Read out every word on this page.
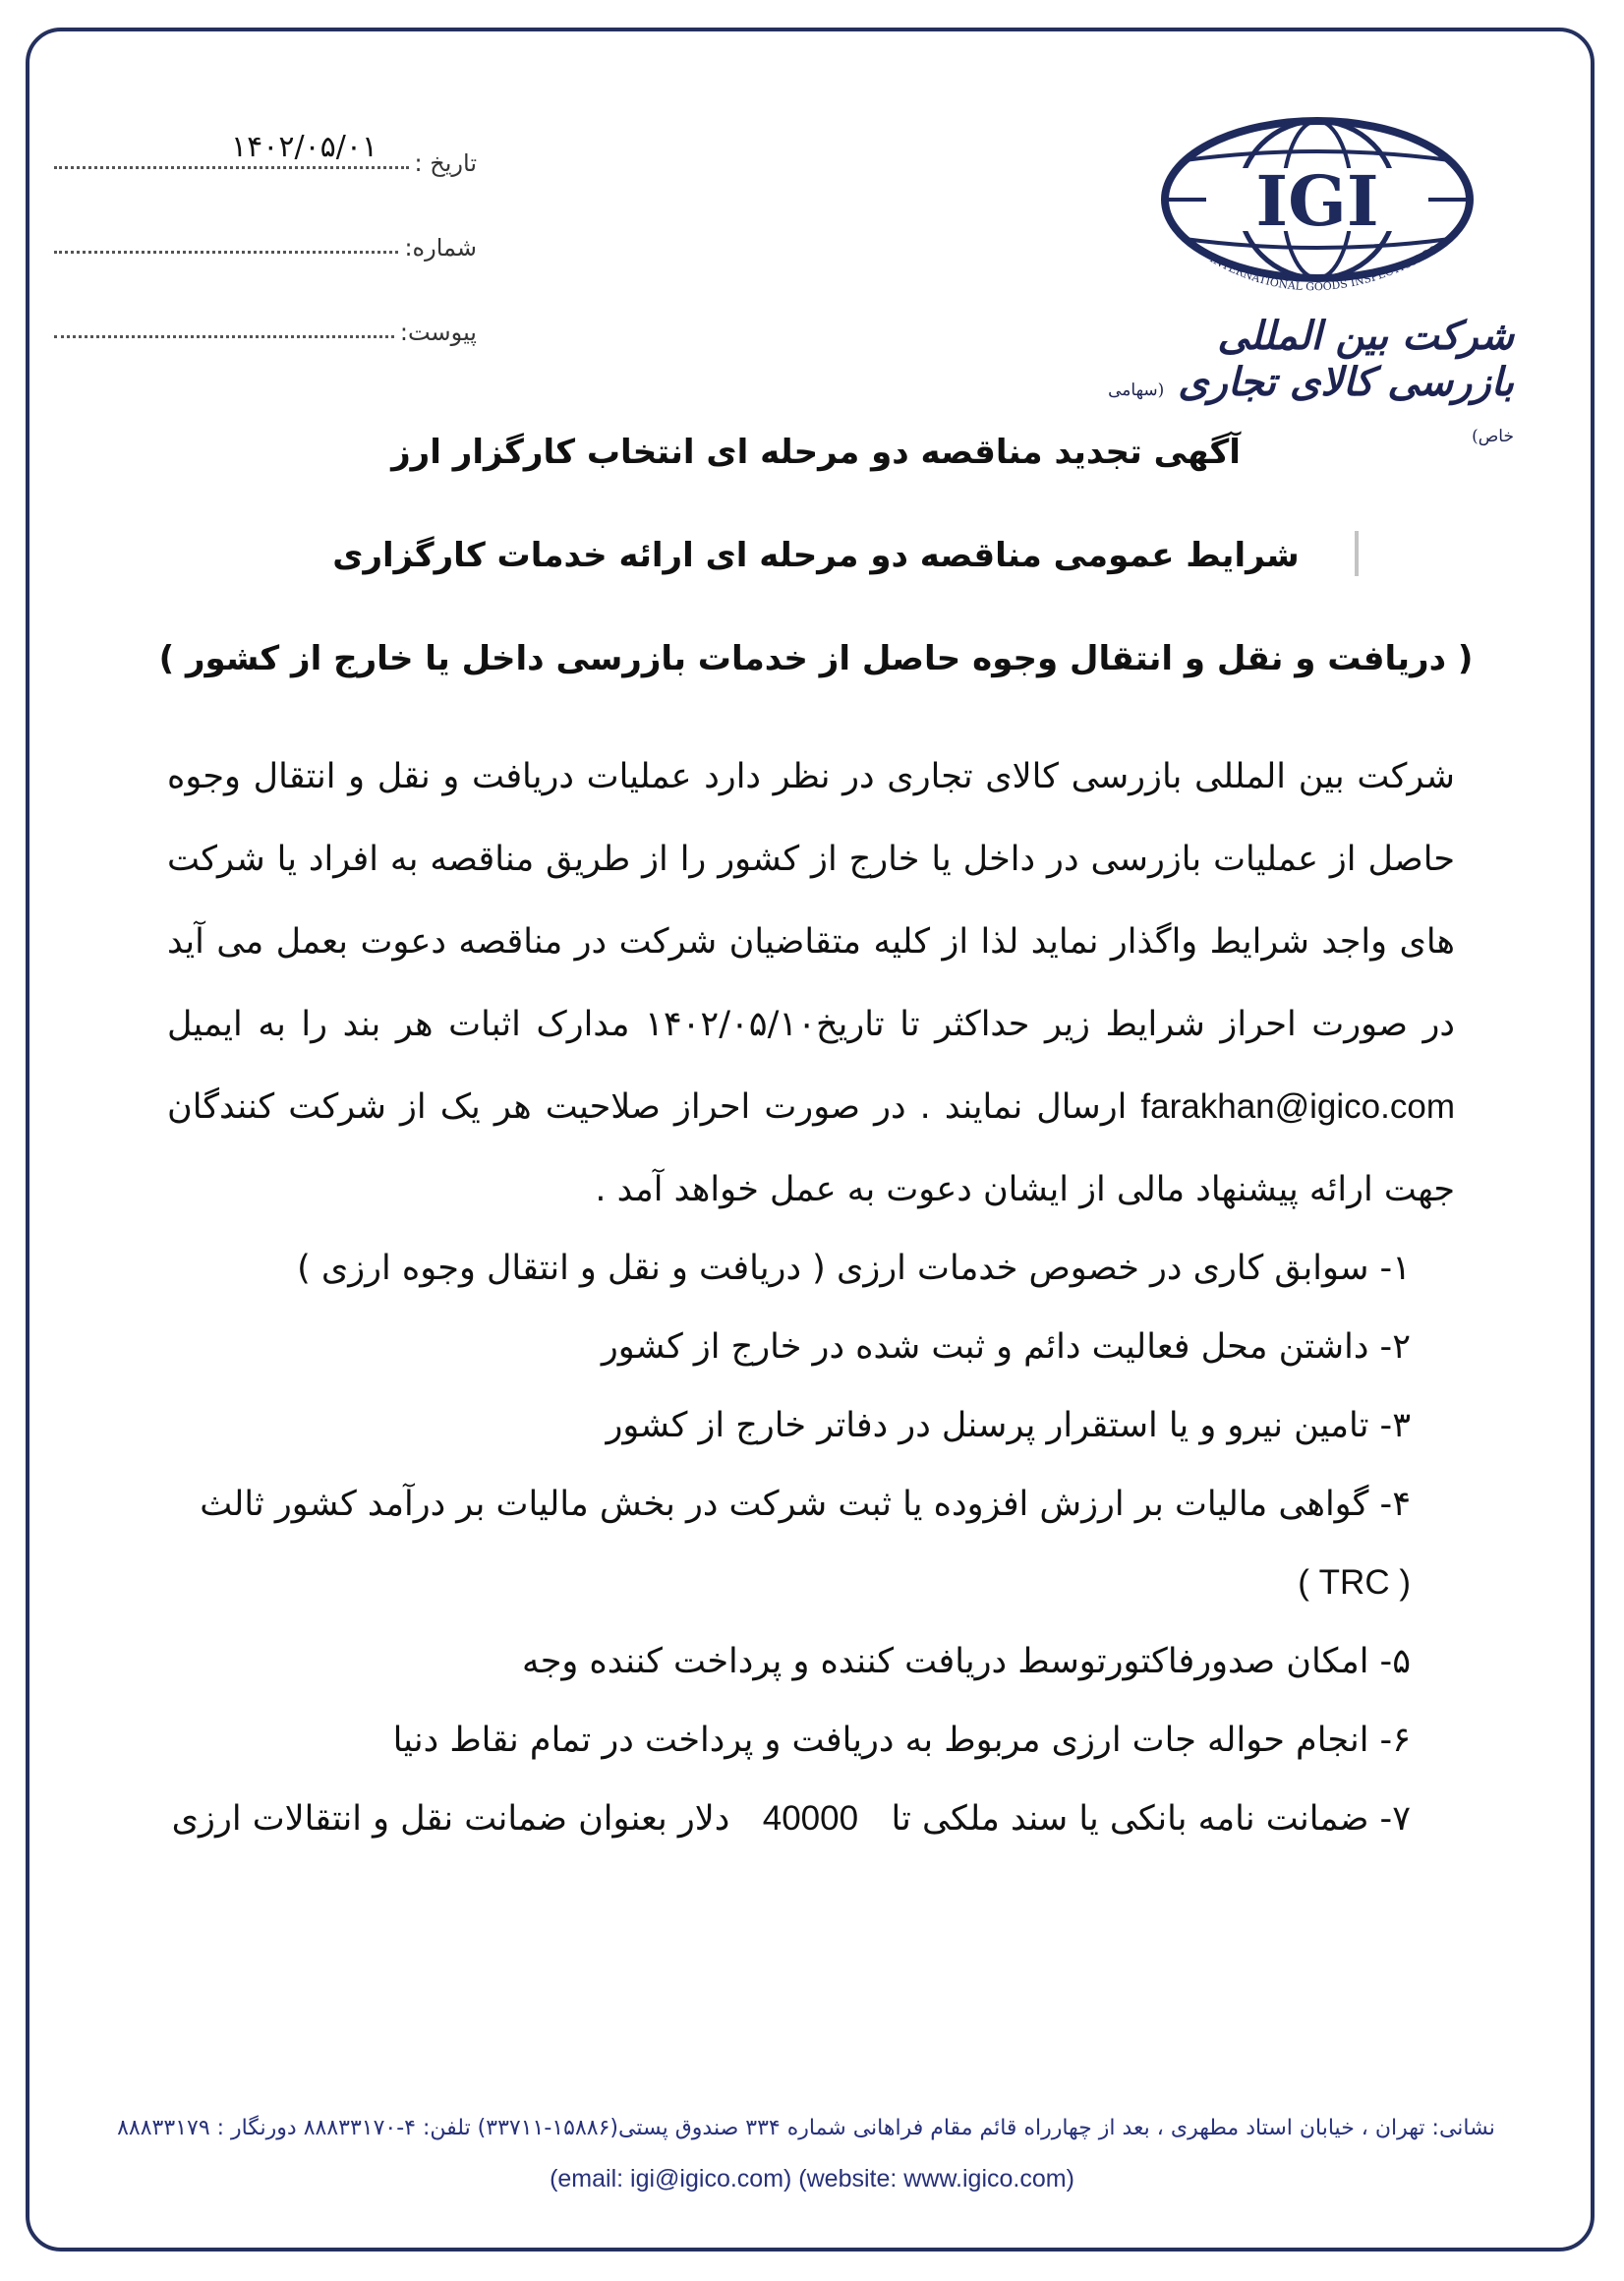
تاریخ :
۱۴۰۲/۰۵/۰۱
شماره:
پیوست:
IGI
INTERNATIONAL GOODS INSPECTION CO
شرکت بین المللی بازرسی کالای تجاری (سهامی خاص)
آگهی تجدید مناقصه دو مرحله ای انتخاب کارگزار ارز
شرایط عمومی مناقصه دو مرحله ای ارائه خدمات کارگزاری
( دریافت و نقل و انتقال وجوه حاصل از خدمات بازرسی داخل یا خارج از کشور )
شرکت بین المللی بازرسی کالای تجاری در نظر دارد عملیات دریافت و نقل و انتقال وجوه حاصل از عملیات بازرسی در داخل یا خارج از کشور را از طریق مناقصه به افراد یا شرکت های واجد شرایط واگذار نماید لذا از کلیه متقاضیان شرکت در مناقصه دعوت بعمل می آید در صورت احراز شرایط زیر حداکثر تا تاریخ۱۴۰۲/۰۵/۱۰ مدارک اثبات هر بند را به ایمیل farakhan@igico.com ارسال نمایند . در صورت احراز صلاحیت هر یک از شرکت کنندگان جهت ارائه پیشنهاد مالی از ایشان دعوت به عمل خواهد آمد .
۱- سوابق کاری در خصوص خدمات ارزی ( دریافت و نقل و انتقال وجوه ارزی )
۲- داشتن محل فعالیت دائم و ثبت شده در خارج از کشور
۳- تامین نیرو و یا استقرار پرسنل در دفاتر خارج از کشور
۴- گواهی مالیات بر ارزش افزوده یا ثبت شرکت در بخش مالیات بر درآمد کشور ثالث
( TRC )
۵- امکان صدورفاکتورتوسط دریافت کننده و پرداخت کننده وجه
۶- انجام حواله جات ارزی مربوط به دریافت و پرداخت در تمام نقاط دنیا
۷- ضمانت نامه بانکی یا سند ملکی تا   40000   دلار بعنوان ضمانت نقل و انتقالات ارزی
نشانی: تهران ، خیابان استاد مطهری ، بعد از چهارراه قائم مقام فراهانی شماره ۳۳۴ صندوق پستی(۱۵۸۸۶-۳۳۷۱۱) تلفن: ۴-۸۸۸۳۳۱۷۰ دورنگار : ۸۸۸۳۳۱۷۹
(email: igi@igico.com) (website: www.igico.com)
